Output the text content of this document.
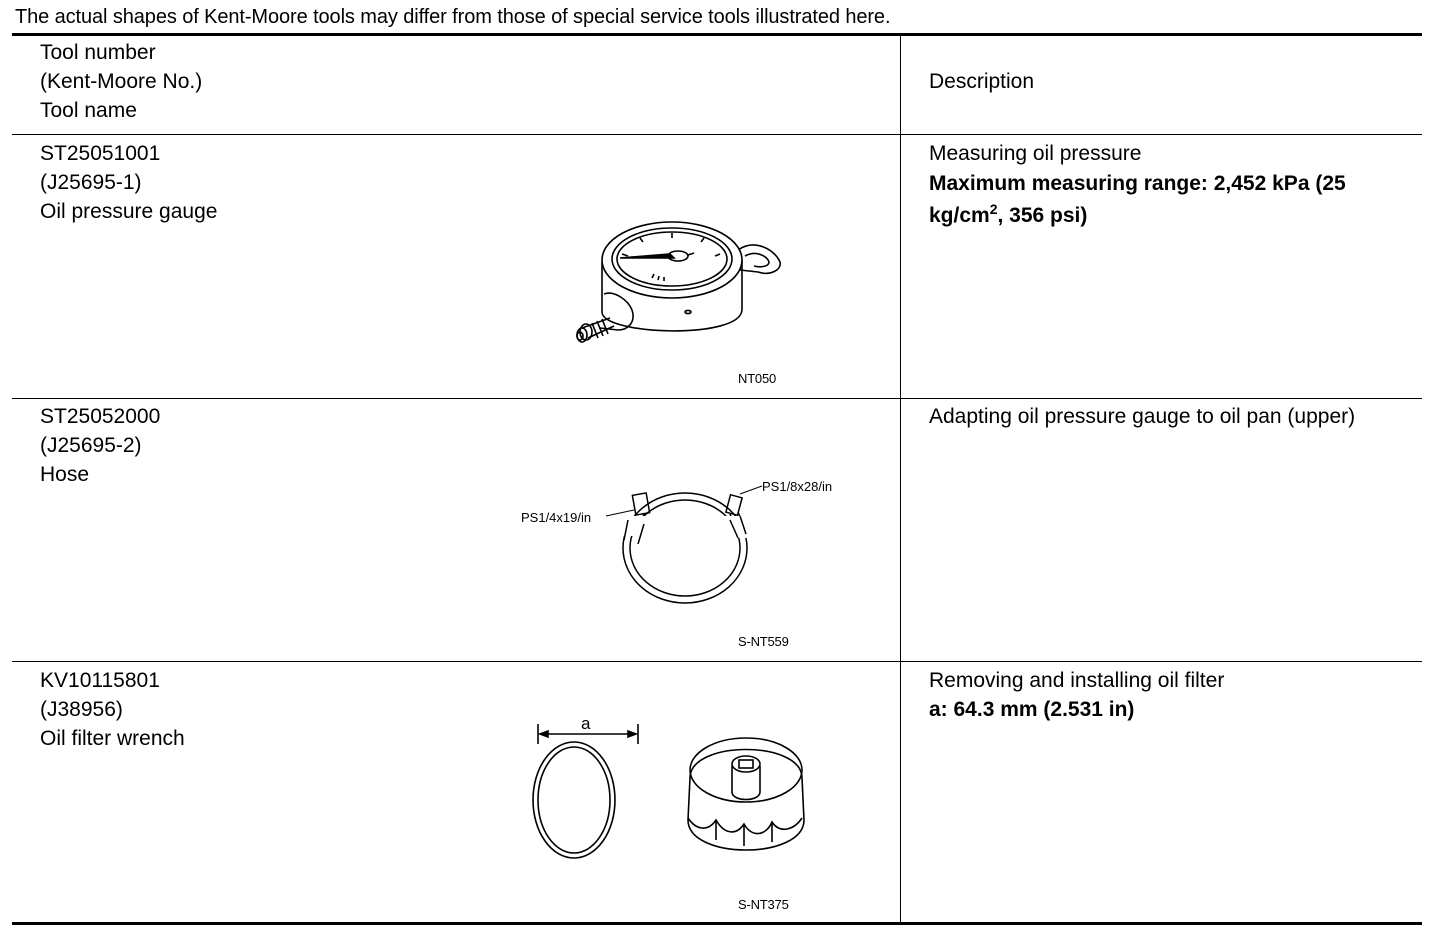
The actual shapes of Kent-Moore tools may differ from those of special service tools illustrated here.
Tool number
(Kent-Moore No.)
Tool name
Description
ST25051001
(J25695-1)
Oil pressure gauge
Measuring oil pressure
Maximum measuring range: 2,452 kPa (25 $kg/cm^2$, 356 psi)
NT050
ST25052000
(J25695-2)
Hose
Adapting oil pressure gauge to oil pan (upper)
PS1/4x19/in
PS1/8x28/in
S-NT559
KV10115801
(J38956)
Oil filter wrench
Removing and installing oil filter
a: 64.3 mm (2.531 in)
a
S-NT375
